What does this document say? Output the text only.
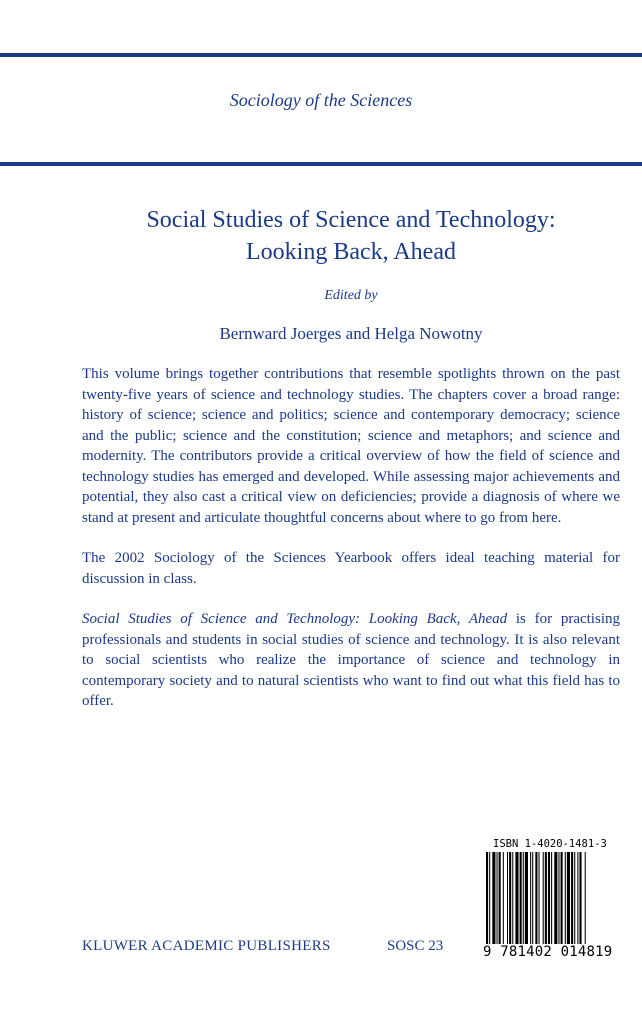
Sociology of the Sciences
Social Studies of Science and Technology:
Looking Back, Ahead
Edited by
Bernward Joerges and Helga Nowotny

This volume brings together contributions that resemble spotlights thrown on the past twenty-five years of science and technology studies. The chapters cover a broad range: history of science; science and politics; science and contemporary democracy; science and the public; science and the constitution; science and metaphors; and science and modernity. The contributors provide a critical overview of how the field of science and technology studies has emerged and developed. While assessing major achievements and potential, they also cast a critical view on deficiencies; provide a diagnosis of where we stand at present and articulate thoughtful concerns about where to go from here.

The 2002 Sociology of the Sciences Yearbook offers ideal teaching material for discussion in class.

Social Studies of Science and Technology: Looking Back, Ahead is for practising professionals and students in social studies of science and technology. It is also relevant to social scientists who realize the importance of science and technology in contemporary society and to natural scientists who want to find out what this field has to offer.

ISBN 1-4020-1481-3
9 781402 014819
KLUWER ACADEMIC PUBLISHERS	SOSC 23
